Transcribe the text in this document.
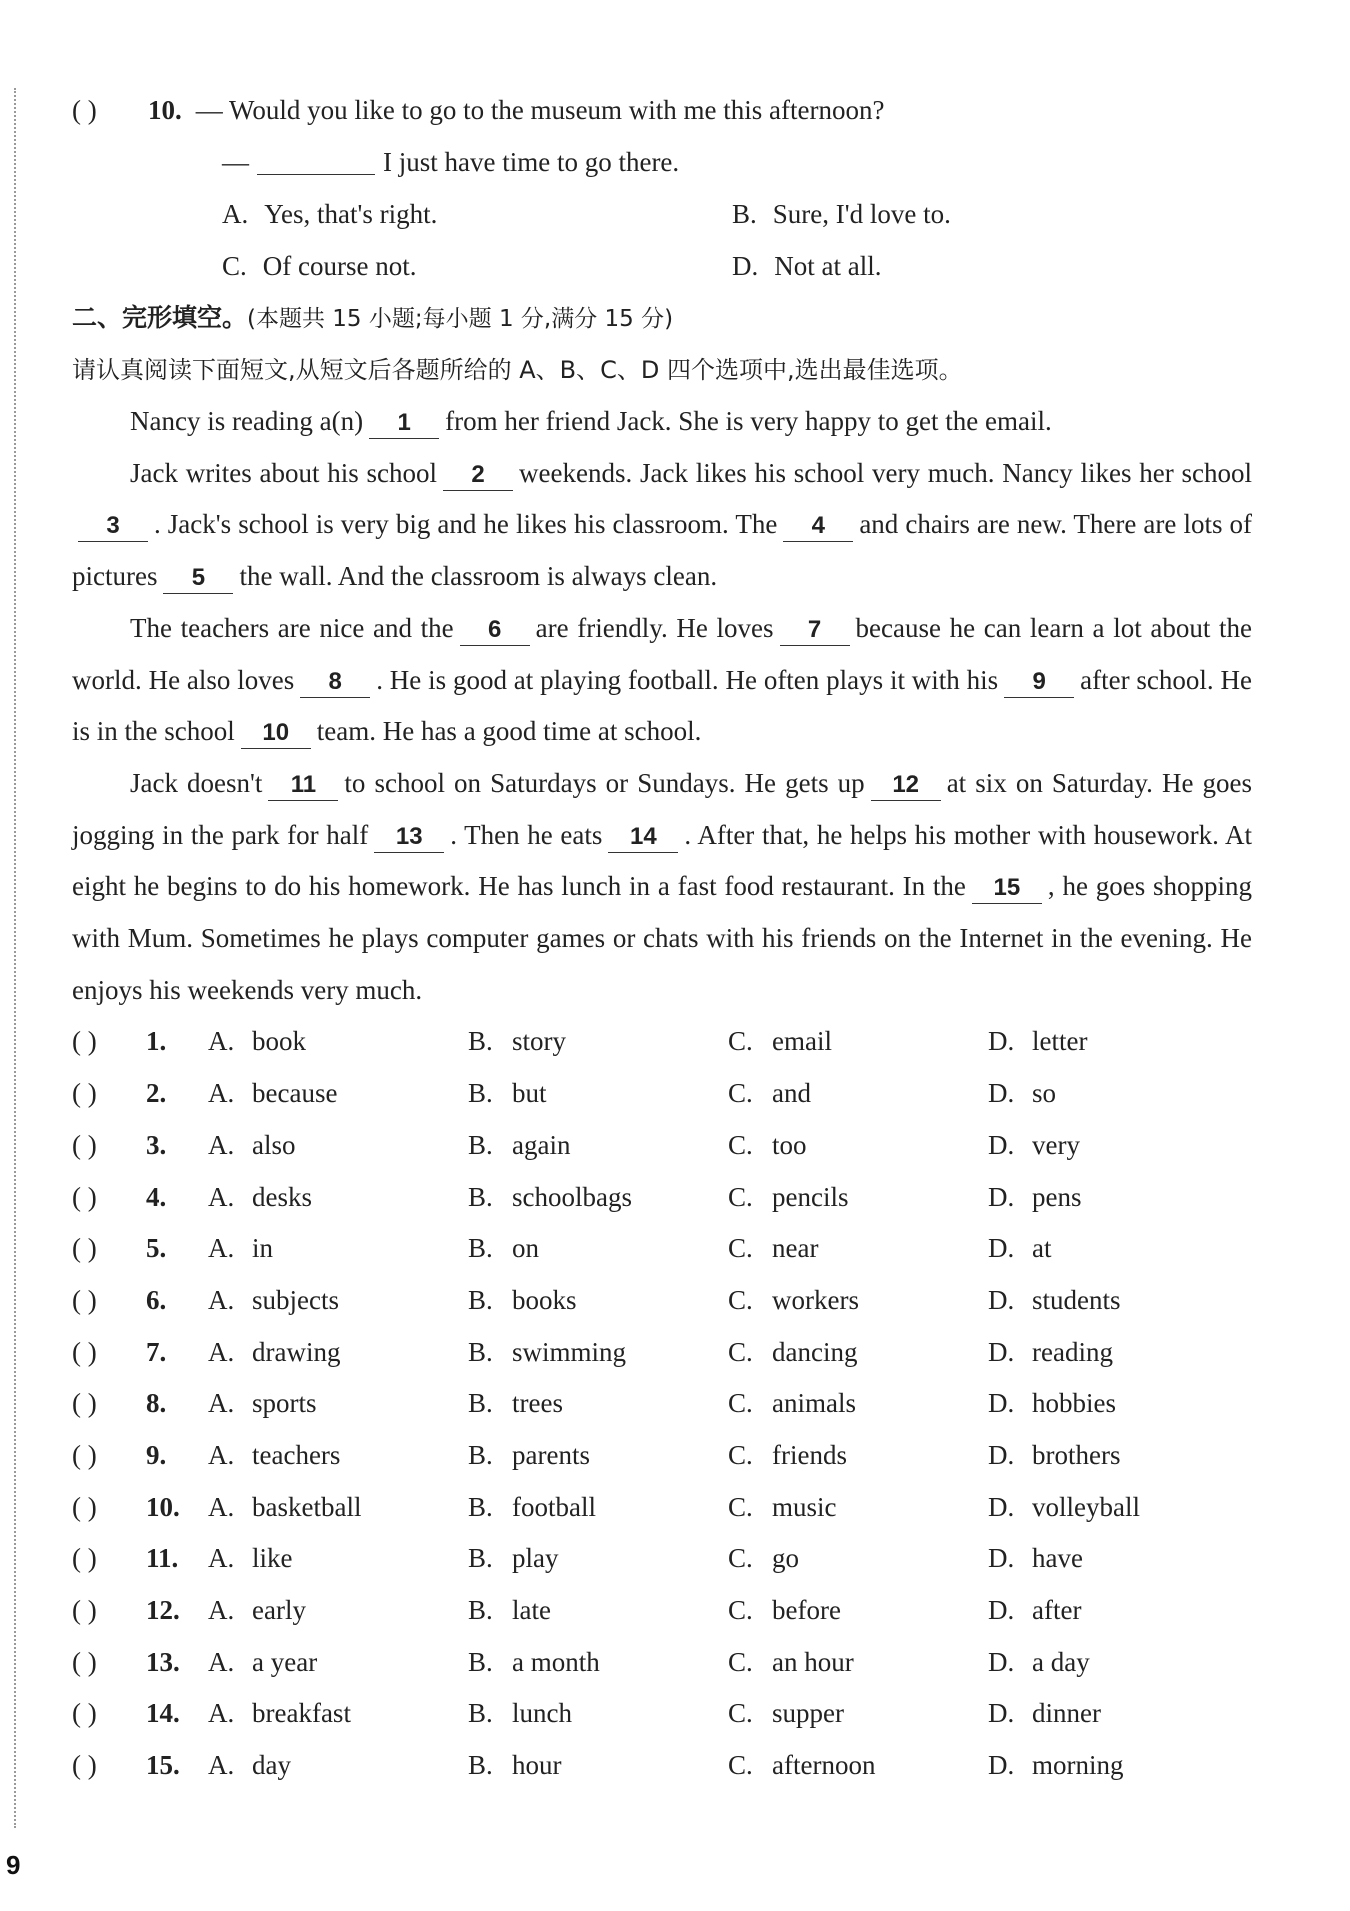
( ) 10. — Would you like to go to the museum with me this afternoon?
—	I just have time to go there.
A. Yes, that's right.	B. Sure, I'd love to.
C. Of course not.	D. Not at all.
二、完形填空。(本题共 15 小题;每小题 1 分,满分 15 分)
请认真阅读下面短文,从短文后各题所给的 A、B、C、D 四个选项中,选出最佳选项。
Nancy is reading a(n) 1 from her friend Jack. She is very happy to get the email.
Jack writes about his school 2 weekends. Jack likes his school very much. Nancy likes her school3 . Jack's school is very big and he likes his classroom. The 4 and chairs are new. There are lots of pictures 5 the wall. And the classroom is always clean.
The teachers are nice and the 6 are friendly. He loves 7 because he can learn a lot about the world. He also loves 8 . He is good at playing football. He often plays it with his 9 after school. He is in the school 10 team. He has a good time at school.
Jack doesn't 11 to school on Saturdays or Sundays. He gets up 12 at six on Saturday. He goes jogging in the park for half 13 . Then he eats 14 . After that, he helps his mother with housework. At eight he begins to do his homework. He has lunch in a fast food restaurant. In the 15 , he goes shopping with Mum. Sometimes he plays computer games or chats with his friends on the Internet in the evening. He enjoys his weekends very much.
( ) 1. A. book	B. story	C. email	D. letter
( ) 2. A. because	B. but	C. and	D. so
( ) 3. A. also	B. again	C. too	D. very
( ) 4. A. desks	B. schoolbags	C. pencils	D. pens
( ) 5. A. in	B. on	C. near	D. at
( ) 6. A. subjects	B. books	C. workers	D. students
( ) 7. A. drawing	B. swimming	C. dancing	D. reading
( ) 8. A. sports	B. trees	C. animals	D. hobbies
( ) 9. A. teachers	B. parents	C. friends	D. brothers
( ) 10. A. basketball	B. football	C. music	D. volleyball
( ) 11. A. like	B. play	C. go	D. have
( ) 12. A. early	B. late	C. before	D. after
( ) 13. A. a year	B. a month	C. an hour	D. a day
( ) 14. A. breakfast	B. lunch	C. supper	D. dinner
( ) 15. A. day	B. hour	C. afternoon	D. morning
9
